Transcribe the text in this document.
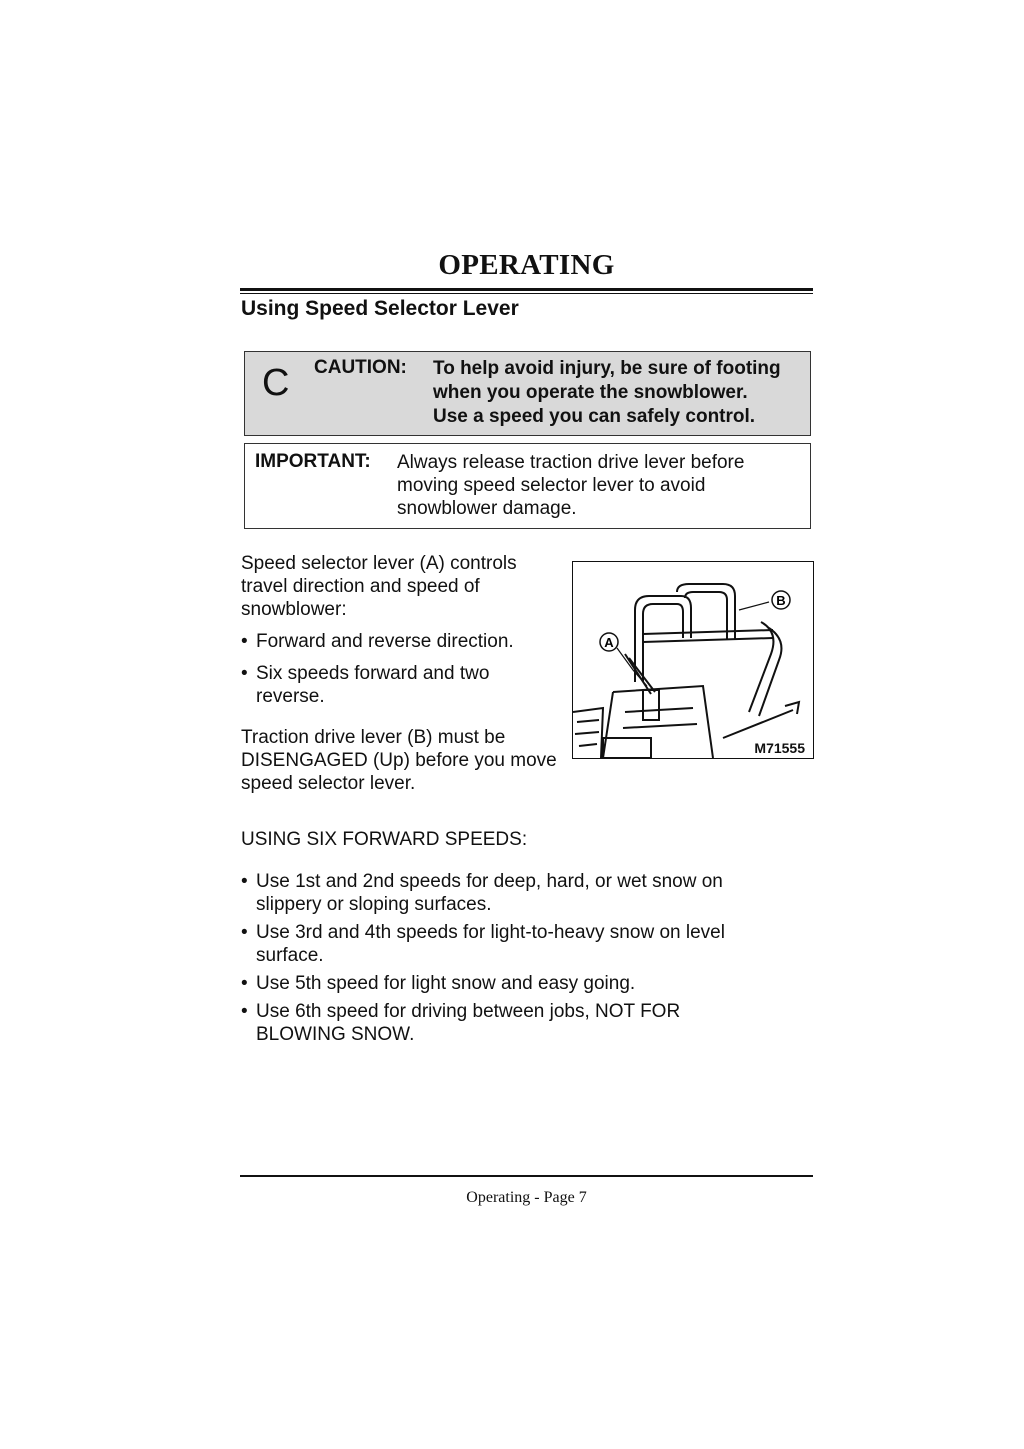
OPERATING
Using Speed Selector Lever
C CAUTION: To help avoid injury, be sure of footing
when you operate the snowblower.
Use a speed you can safely control.
IMPORTANT: Always release traction drive lever before
moving speed selector lever to avoid
snowblower damage.
Speed selector lever (A) controls
travel direction and speed of
snowblower:
• Forward and reverse direction.
• Six speeds forward and two
reverse.
Traction drive lever (B) must be
DISENGAGED (Up) before you move
speed selector lever.
A
B
M71555
USING SIX FORWARD SPEEDS:
• Use 1st and 2nd speeds for deep, hard, or wet snow on
slippery or sloping surfaces.
• Use 3rd and 4th speeds for light-to-heavy snow on level
surface.
• Use 5th speed for light snow and easy going.
• Use 6th speed for driving between jobs, NOT FOR
BLOWING SNOW.
Operating - Page 7
